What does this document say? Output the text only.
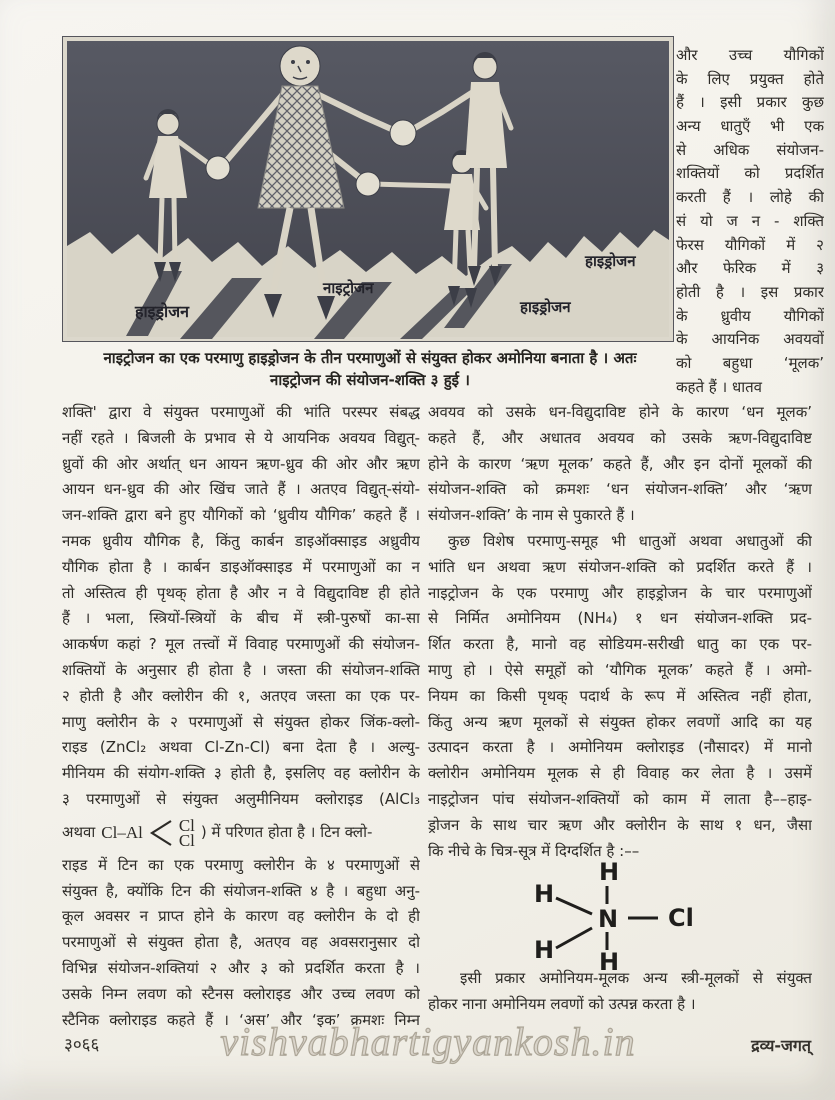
हाइड्रोजन
नाइट्रोजन
हाइड्रोजन
हाइड्रोजन
नाइट्रोजन का एक परमाणु हाइड्रोजन के तीन परमाणुओं से संयुक्त होकर अमोनिया बनाता है । अतः
नाइट्रोजन की संयोजन-शक्ति ३ हुई ।
और उच्च यौगिकों
के लिए प्रयुक्त होते
हैं । इसी प्रकार कुछ
अन्य धातुएँ भी एक
से अधिक संयोजन-
शक्तियों को प्रदर्शित
करती हैं । लोहे की
सं यो ज न - शक्ति
फेरस यौगिकों में २
और फेरिक में ३
होती है । इस प्रकार
के ध्रुवीय यौगिकों
के आयनिक अवयवों
को बहुधा ‘मूलक’
कहते हैं । धातव
शक्ति' द्वारा वे संयुक्त परमाणुओं की भांति परस्पर संबद्ध
नहीं रहते । बिजली के प्रभाव से ये आयनिक अवयव विद्युत्-
ध्रुवों की ओर अर्थात् धन आयन ऋण-ध्रुव की ओर और ऋण
आयन धन-ध्रुव की ओर खिंच जाते हैं । अतएव विद्युत्-संयो-
जन-शक्ति द्वारा बने हुए यौगिकों को ‘ध्रुवीय यौगिक’ कहते हैं ।
नमक ध्रुवीय यौगिक है, किंतु कार्बन डाइऑक्साइड अध्रुवीय
यौगिक होता है । कार्बन डाइऑक्साइड में परमाणुओं का न
तो अस्तित्व ही पृथक् होता है और न वे विद्युदाविष्ट ही होते
हैं । भला, स्त्रियों-स्त्रियों के बीच में स्त्री-पुरुषों का-सा
आकर्षण कहां ? मूल तत्त्वों में विवाह परमाणुओं की संयोजन-
शक्तियों के अनुसार ही होता है । जस्ता की संयोजन-शक्ति
२ होती है और क्लोरीन की १, अतएव जस्ता का एक पर-
माणु क्लोरीन के २ परमाणुओं से संयुक्त होकर जिंक-क्लो-
राइड (ZnCl₂ अथवा Cl-Zn-Cl) बना देता है । अल्यु-
मीनियम की संयोग-शक्ति ३ होती है, इसलिए वह क्लोरीन के
३ परमाणुओं से संयुक्त अलुमीनियम क्लोराइड (AlCl₃
अथवा Cl–Al Cl
Cl ) में परिणत होता है । टिन क्लो-
राइड में टिन का एक परमाणु क्लोरीन के ४ परमाणुओं से
संयुक्त है, क्योंकि टिन की संयोजन-शक्ति ४ है । बहुधा अनु-
कूल अवसर न प्राप्त होने के कारण वह क्लोरीन के दो ही
परमाणुओं से संयुक्त होता है, अतएव वह अवसरानुसार दो
विभिन्न संयोजन-शक्तियां २ और ३ को प्रदर्शित करता है ।
उसके निम्न लवण को स्टैनस क्लोराइड और उच्च लवण को
स्टैनिक क्लोराइड कहते हैं । ‘अस’ और ‘इक’ क्रमशः निम्न
अवयव को उसके धन-विद्युदाविष्ट होने के कारण ‘धन मूलक’
कहते हैं, और अधातव अवयव को उसके ऋण-विद्युदाविष्ट
होने के कारण ‘ऋण मूलक’ कहते हैं, और इन दोनों मूलकों की
संयोजन-शक्ति को क्रमशः ‘धन संयोजन-शक्ति’ और ‘ऋण
संयोजन-शक्ति’ के नाम से पुकारते हैं ।
कुछ विशेष परमाणु-समूह भी धातुओं अथवा अधातुओं की
भांति धन अथवा ऋण संयोजन-शक्ति को प्रदर्शित करते हैं ।
नाइट्रोजन के एक परमाणु और हाइड्रोजन के चार परमाणुओं
से निर्मित अमोनियम (NH₄) १ धन संयोजन-शक्ति प्रद-
र्शित करता है, मानो वह सोडियम-सरीखी धातु का एक पर-
माणु हो । ऐसे समूहों को ‘यौगिक मूलक’ कहते हैं । अमो-
नियम का किसी पृथक् पदार्थ के रूप में अस्तित्व नहीं होता,
किंतु अन्य ऋण मूलकों से संयुक्त होकर लवणों आदि का यह
उत्पादन करता है । अमोनियम क्लोराइड (नौसादर) में मानो
क्लोरीन अमोनियम मूलक से ही विवाह कर लेता है । उसमें
नाइट्रोजन पांच संयोजन-शक्तियों को काम में लाता है––हाइ-
ड्रोजन के साथ चार ऋण और क्लोरीन के साथ १ धन, जैसा
कि नीचे के चित्र-सूत्र में दिग्दर्शित है :––
H
H
H H
N Cl
इसी प्रकार अमोनियम-मूलक अन्य स्त्री-मूलकों से संयुक्त
होकर नाना अमोनियम लवणों को उत्पन्न करता है ।
vishvabhartigyankosh.in
३०६६	द्रव्य-जगत्
